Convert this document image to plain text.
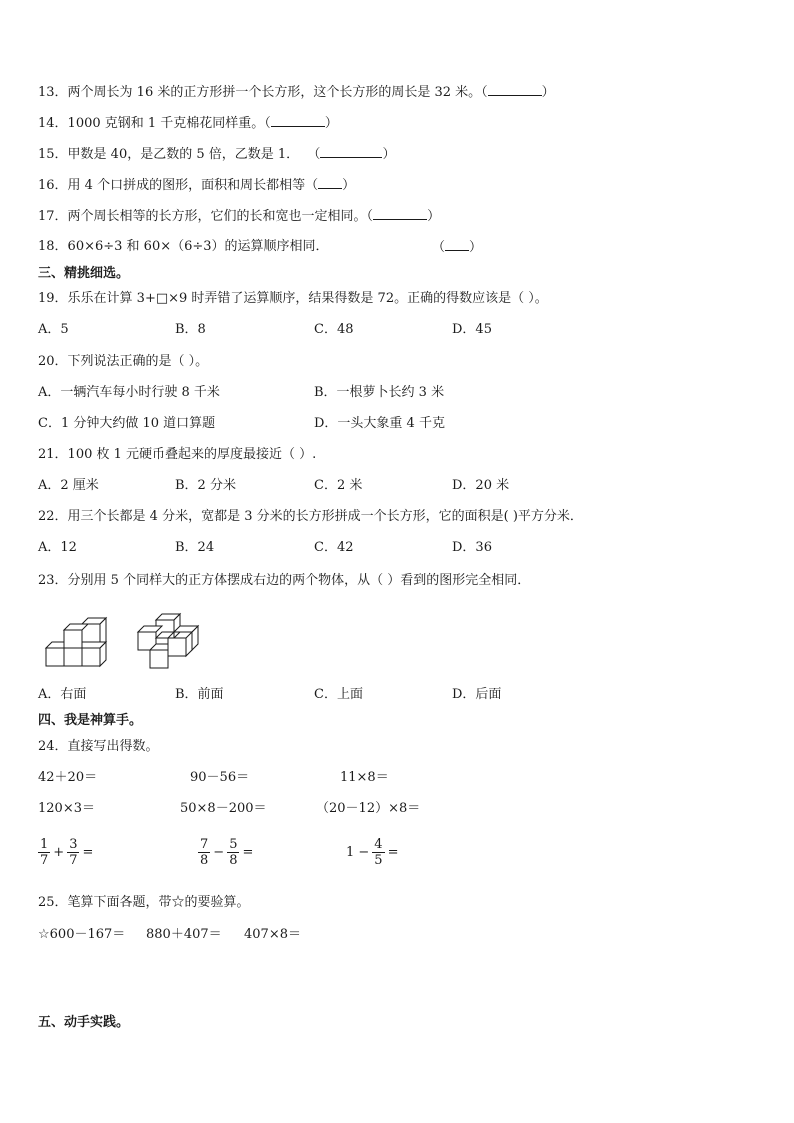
13．两个周长为 16 米的正方形拼一个长方形，这个长方形的周长是 32 米。（	）
14．1000 克钢和 1 千克棉花同样重。（	）
15．甲数是 40，是乙数的 5 倍，乙数是 1． （	）
16．用 4 个口拼成的图形，面积和周长都相等（ ）
17．两个周长相等的长方形，它们的长和宽也一定相同。（	）
18．60×6÷3 和 60×（6÷3）的运算顺序相同．	（ ）
三、精挑细选。
19．乐乐在计算 3+□×9 时弄错了运算顺序，结果得数是 72。正确的得数应该是（ ）。
A．5	B．8	C．48	D．45
20．下列说法正确的是（ ）。
A．一辆汽车每小时行驶 8 千米	B．一根萝卜长约 3 米
C．1 分钟大约做 10 道口算题	D．一头大象重 4 千克
21．100 枚 1 元硬币叠起来的厚度最接近（ ）.
A．2 厘米	B．2 分米	C．2 米	D．20 米
22．用三个长都是 4 分米，宽都是 3 分米的长方形拼成一个长方形，它的面积是( )平方分米．
A．12	B．24	C．42	D．36
23．分别用 5 个同样大的正方体摆成右边的两个物体，从（ ）看到的图形完全相同．
A．右面	B．前面	C．上面	D．后面
四、我是神算手。
24．直接写出得数。
42＋20＝	90－56＝	11×8＝
120×3＝	50×8－200＝	（20－12）×8＝
$\frac{1}{7} + \frac{3}{7}$ =	$\frac{7}{8} - \frac{5}{8}$ =	$1 - \frac{4}{5}$ =
25．笔算下面各题，带☆的要验算。
☆600－167＝ 880＋407＝ 407×8＝
五、动手实践。
